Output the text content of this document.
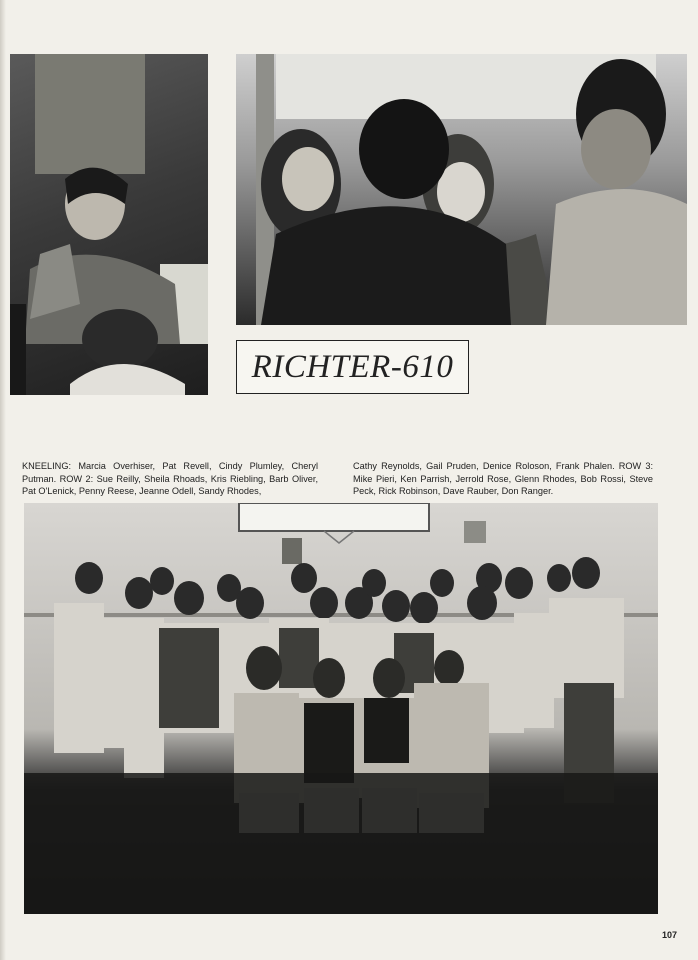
RICHTER-610
KNEELING: Marcia Overhiser, Pat Revell, Cindy Plumley, Cheryl Putman. ROW 2: Sue Reilly, Sheila Rhoads, Kris Riebling, Barb Oliver, Pat O'Lenick, Penny Reese, Jeanne Odell, Sandy Rhodes,
Cathy Reynolds, Gail Pruden, Denice Roloson, Frank Phalen. ROW 3: Mike Pieri, Ken Parrish, Jerrold Rose, Glenn Rhodes, Bob Rossi, Steve Peck, Rick Robinson, Dave Rauber, Don Ranger.
107
